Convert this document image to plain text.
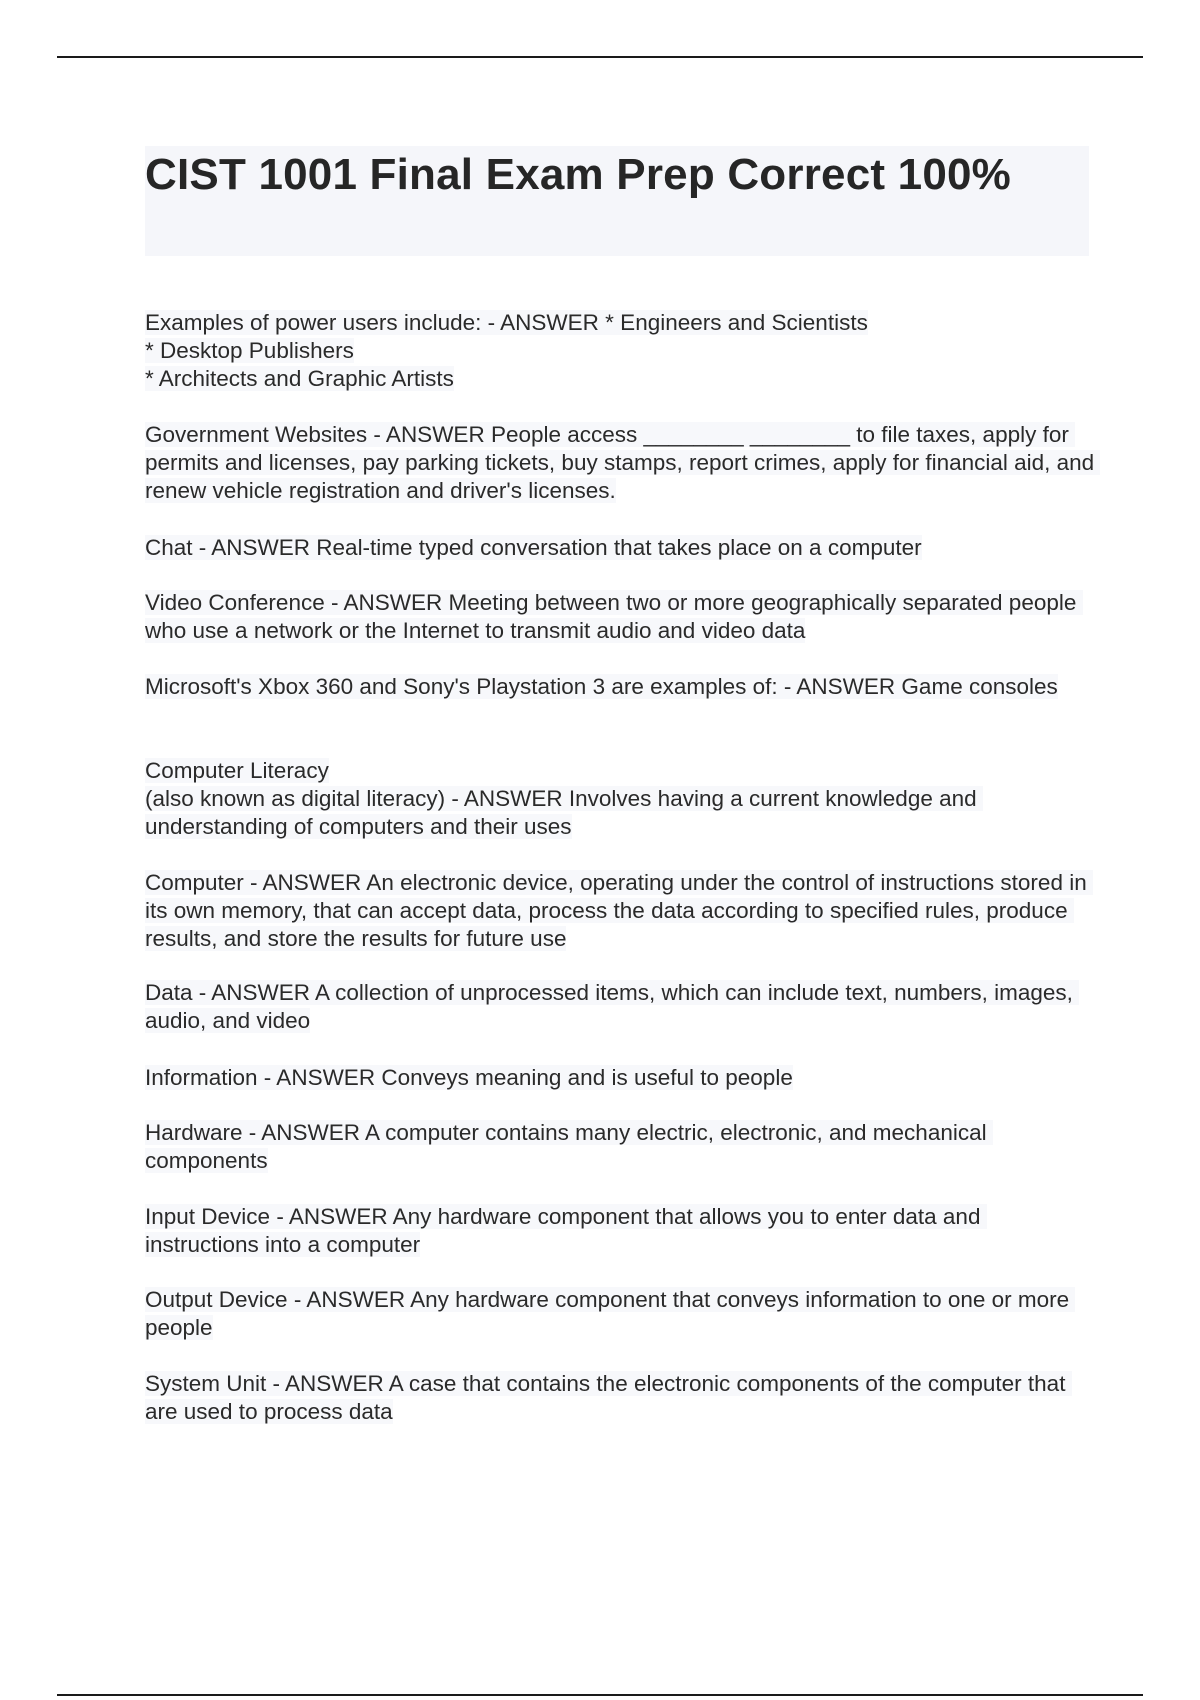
CIST 1001 Final Exam Prep Correct 100%

Examples of power users include: - ANSWER * Engineers and Scientists
* Desktop Publishers
* Architects and Graphic Artists

Government Websites - ANSWER People access ________ ________ to file taxes, apply for permits and licenses, pay parking tickets, buy stamps, report crimes, apply for financial aid, and renew vehicle registration and driver's licenses.

Chat - ANSWER Real-time typed conversation that takes place on a computer

Video Conference - ANSWER Meeting between two or more geographically separated people who use a network or the Internet to transmit audio and video data

Microsoft's Xbox 360 and Sony's Playstation 3 are examples of: - ANSWER Game consoles

Computer Literacy
(also known as digital literacy) - ANSWER Involves having a current knowledge and understanding of computers and their uses

Computer - ANSWER An electronic device, operating under the control of instructions stored in its own memory, that can accept data, process the data according to specified rules, produce results, and store the results for future use

Data - ANSWER A collection of unprocessed items, which can include text, numbers, images, audio, and video

Information - ANSWER Conveys meaning and is useful to people

Hardware - ANSWER A computer contains many electric, electronic, and mechanical components

Input Device - ANSWER Any hardware component that allows you to enter data and instructions into a computer

Output Device - ANSWER Any hardware component that conveys information to one or more people

System Unit - ANSWER A case that contains the electronic components of the computer that are used to process data
